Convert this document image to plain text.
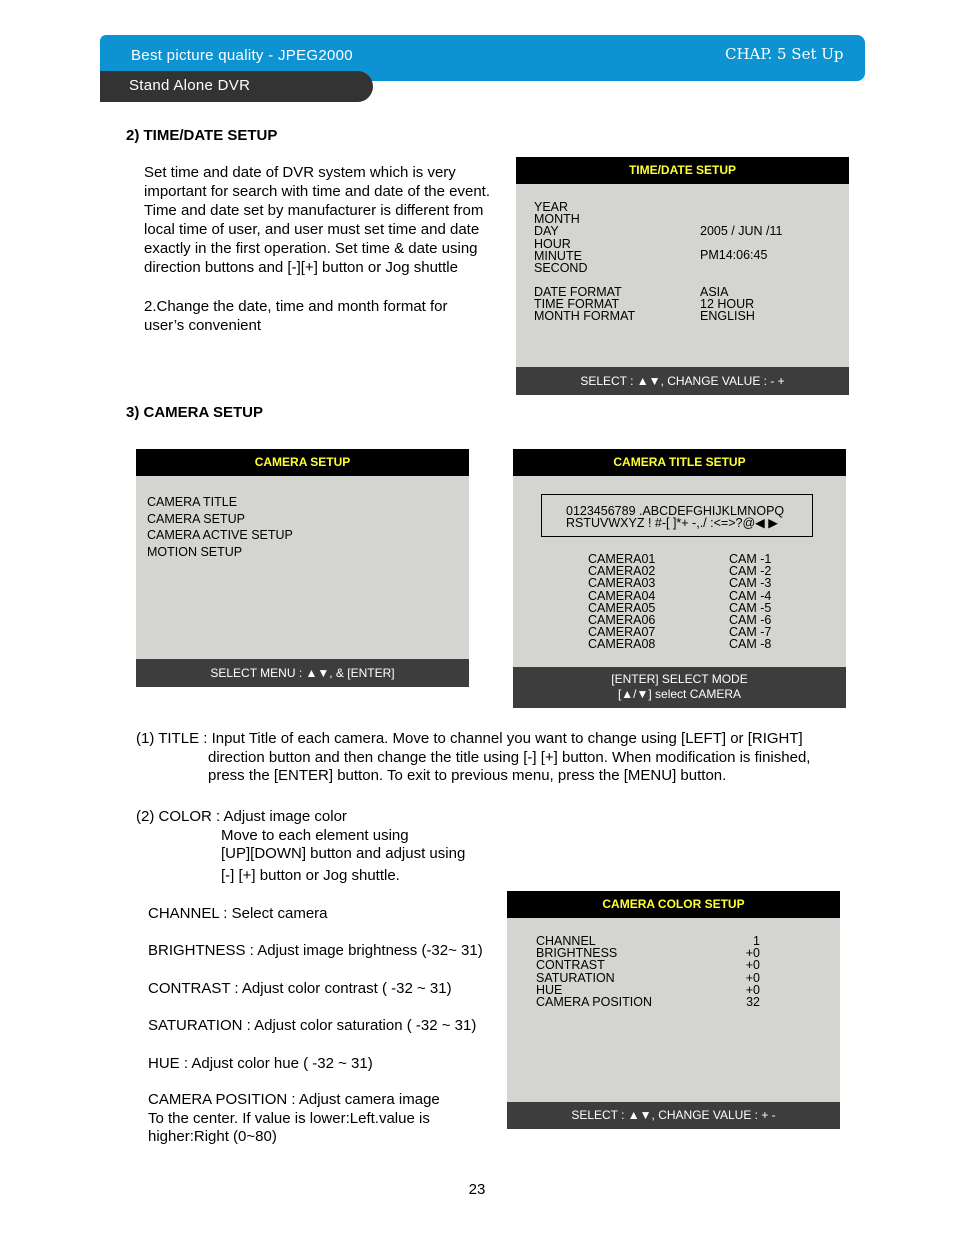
Best picture quality - JPEG2000	CHAP. 5 Set Up
Stand Alone DVR
2) TIME/DATE SETUP
Set time and date of DVR system which is very
important for search with time and date of the event.
Time and date set by manufacturer is different from
local time of user, and user must set time and date
exactly in the first operation. Set time & date using
direction buttons and [-][+] button or Jog shuttle
2.Change the date, time and month format for
user’s convenient
TIME/DATE SETUP
YEAR
MONTH
DAY
HOUR
MINUTE
SECOND
2005 / JUN /11
PM14:06:45
DATE FORMAT
TIME FORMAT
MONTH FORMAT
ASIA
12 HOUR
ENGLISH
SELECT : ▲▼, CHANGE VALUE : - +
3) CAMERA SETUP
CAMERA SETUP
CAMERA TITLE
CAMERA SETUP
CAMERA ACTIVE SETUP
MOTION SETUP
SELECT MENU : ▲▼, & [ENTER]
CAMERA TITLE SETUP
0123456789 .ABCDEFGHIJKLMNOPQ
RSTUVWXYZ ! #-[ ]*+ -,./ :<=>?@◀ ▶
CAMERA01
CAMERA02
CAMERA03
CAMERA04
CAMERA05
CAMERA06
CAMERA07
CAMERA08
CAM -1
CAM -2
CAM -3
CAM -4
CAM -5
CAM -6
CAM -7
CAM -8
[ENTER] SELECT MODE
[▲/▼] select CAMERA
(1) TITLE : Input Title of each camera. Move to channel you want to change using [LEFT] or [RIGHT]
direction button and then change the title using [-] [+] button. When modification is finished,
press the [ENTER] button. To exit to previous menu, press the [MENU] button.
(2) COLOR : Adjust image color
Move to each element using
[UP][DOWN] button and adjust using
[-] [+] button or Jog shuttle.
CHANNEL : Select camera
BRIGHTNESS : Adjust image brightness (-32~ 31)
CONTRAST : Adjust color contrast ( -32 ~ 31)
SATURATION : Adjust color saturation ( -32 ~ 31)
HUE : Adjust color hue ( -32 ~ 31)
CAMERA POSITION : Adjust camera image
To the center. If value is lower:Left.value is
higher:Right (0~80)
CAMERA COLOR SETUP
CHANNEL
BRIGHTNESS
CONTRAST
SATURATION
HUE
CAMERA POSITION
1
+0
+0
+0
+0
32
SELECT : ▲▼, CHANGE VALUE : + -
23
